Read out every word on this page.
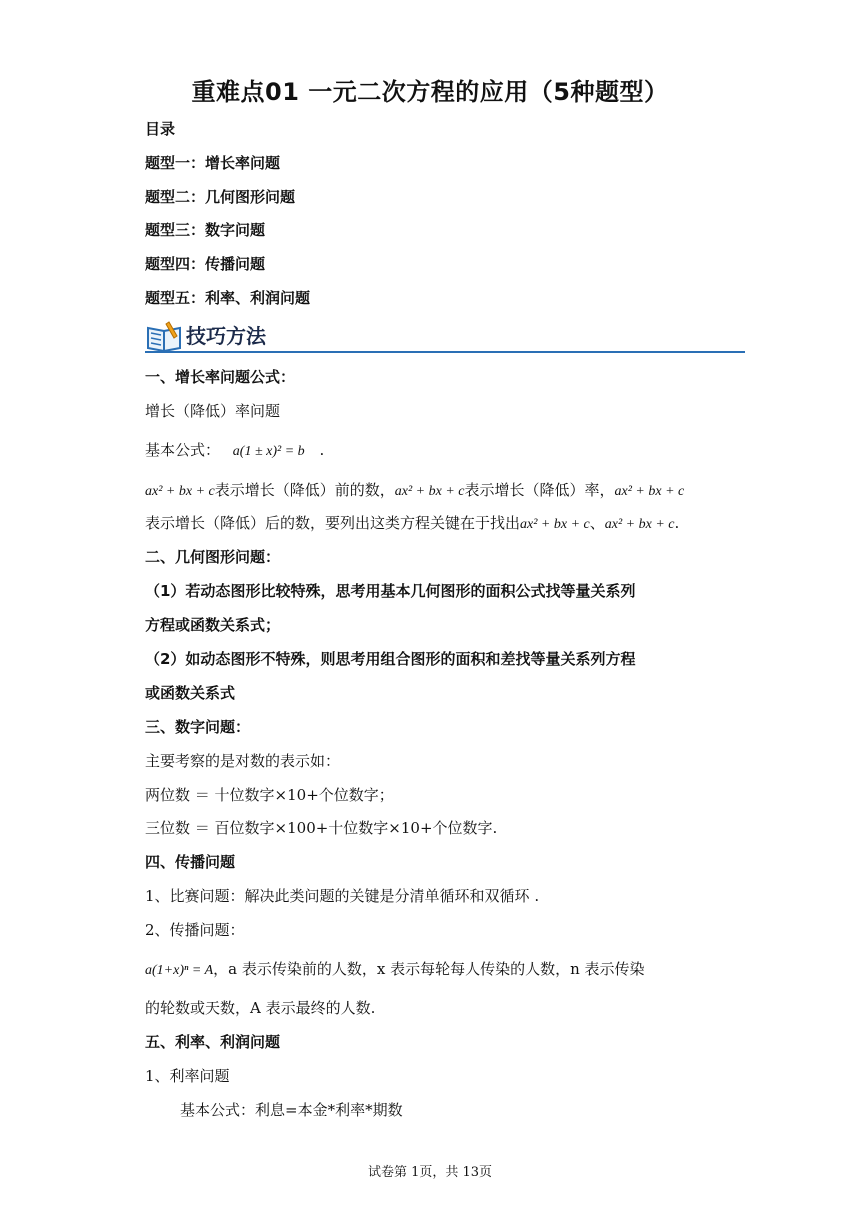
重难点01 一元二次方程的应用（5种题型）
目录
题型一：增长率问题
题型二：几何图形问题
题型三：数字问题
题型四：传播问题
题型五：利率、利润问题
技巧方法
一、增长率问题公式：
增长（降低）率问题
基本公式： a(1 ± x)² = b .
ax² + bx + c表示增长（降低）前的数，ax² + bx + c表示增长（降低）率，ax² + bx + c
表示增长（降低）后的数，要列出这类方程关键在于找出ax² + bx + c、ax² + bx + c.
二、几何图形问题：
（1）若动态图形比较特殊，思考用基本几何图形的面积公式找等量关系列
方程或函数关系式；
（2）如动态图形不特殊，则思考用组合图形的面积和差找等量关系列方程
或函数关系式
三、数字问题：
主要考察的是对数的表示如：
两位数 ＝ 十位数字×10+个位数字；
三位数 ＝ 百位数字×100+十位数字×10+个位数字.
四、传播问题
1、比赛问题：解决此类问题的关键是分清单循环和双循环 .
2、传播问题：
a(1+x)ⁿ = A，a 表示传染前的人数，x 表示每轮每人传染的人数，n 表示传染
的轮数或天数，A 表示最终的人数.
五、利率、利润问题
1、利率问题
基本公式：利息=本金*利率*期数
试卷第 1页，共 13页
